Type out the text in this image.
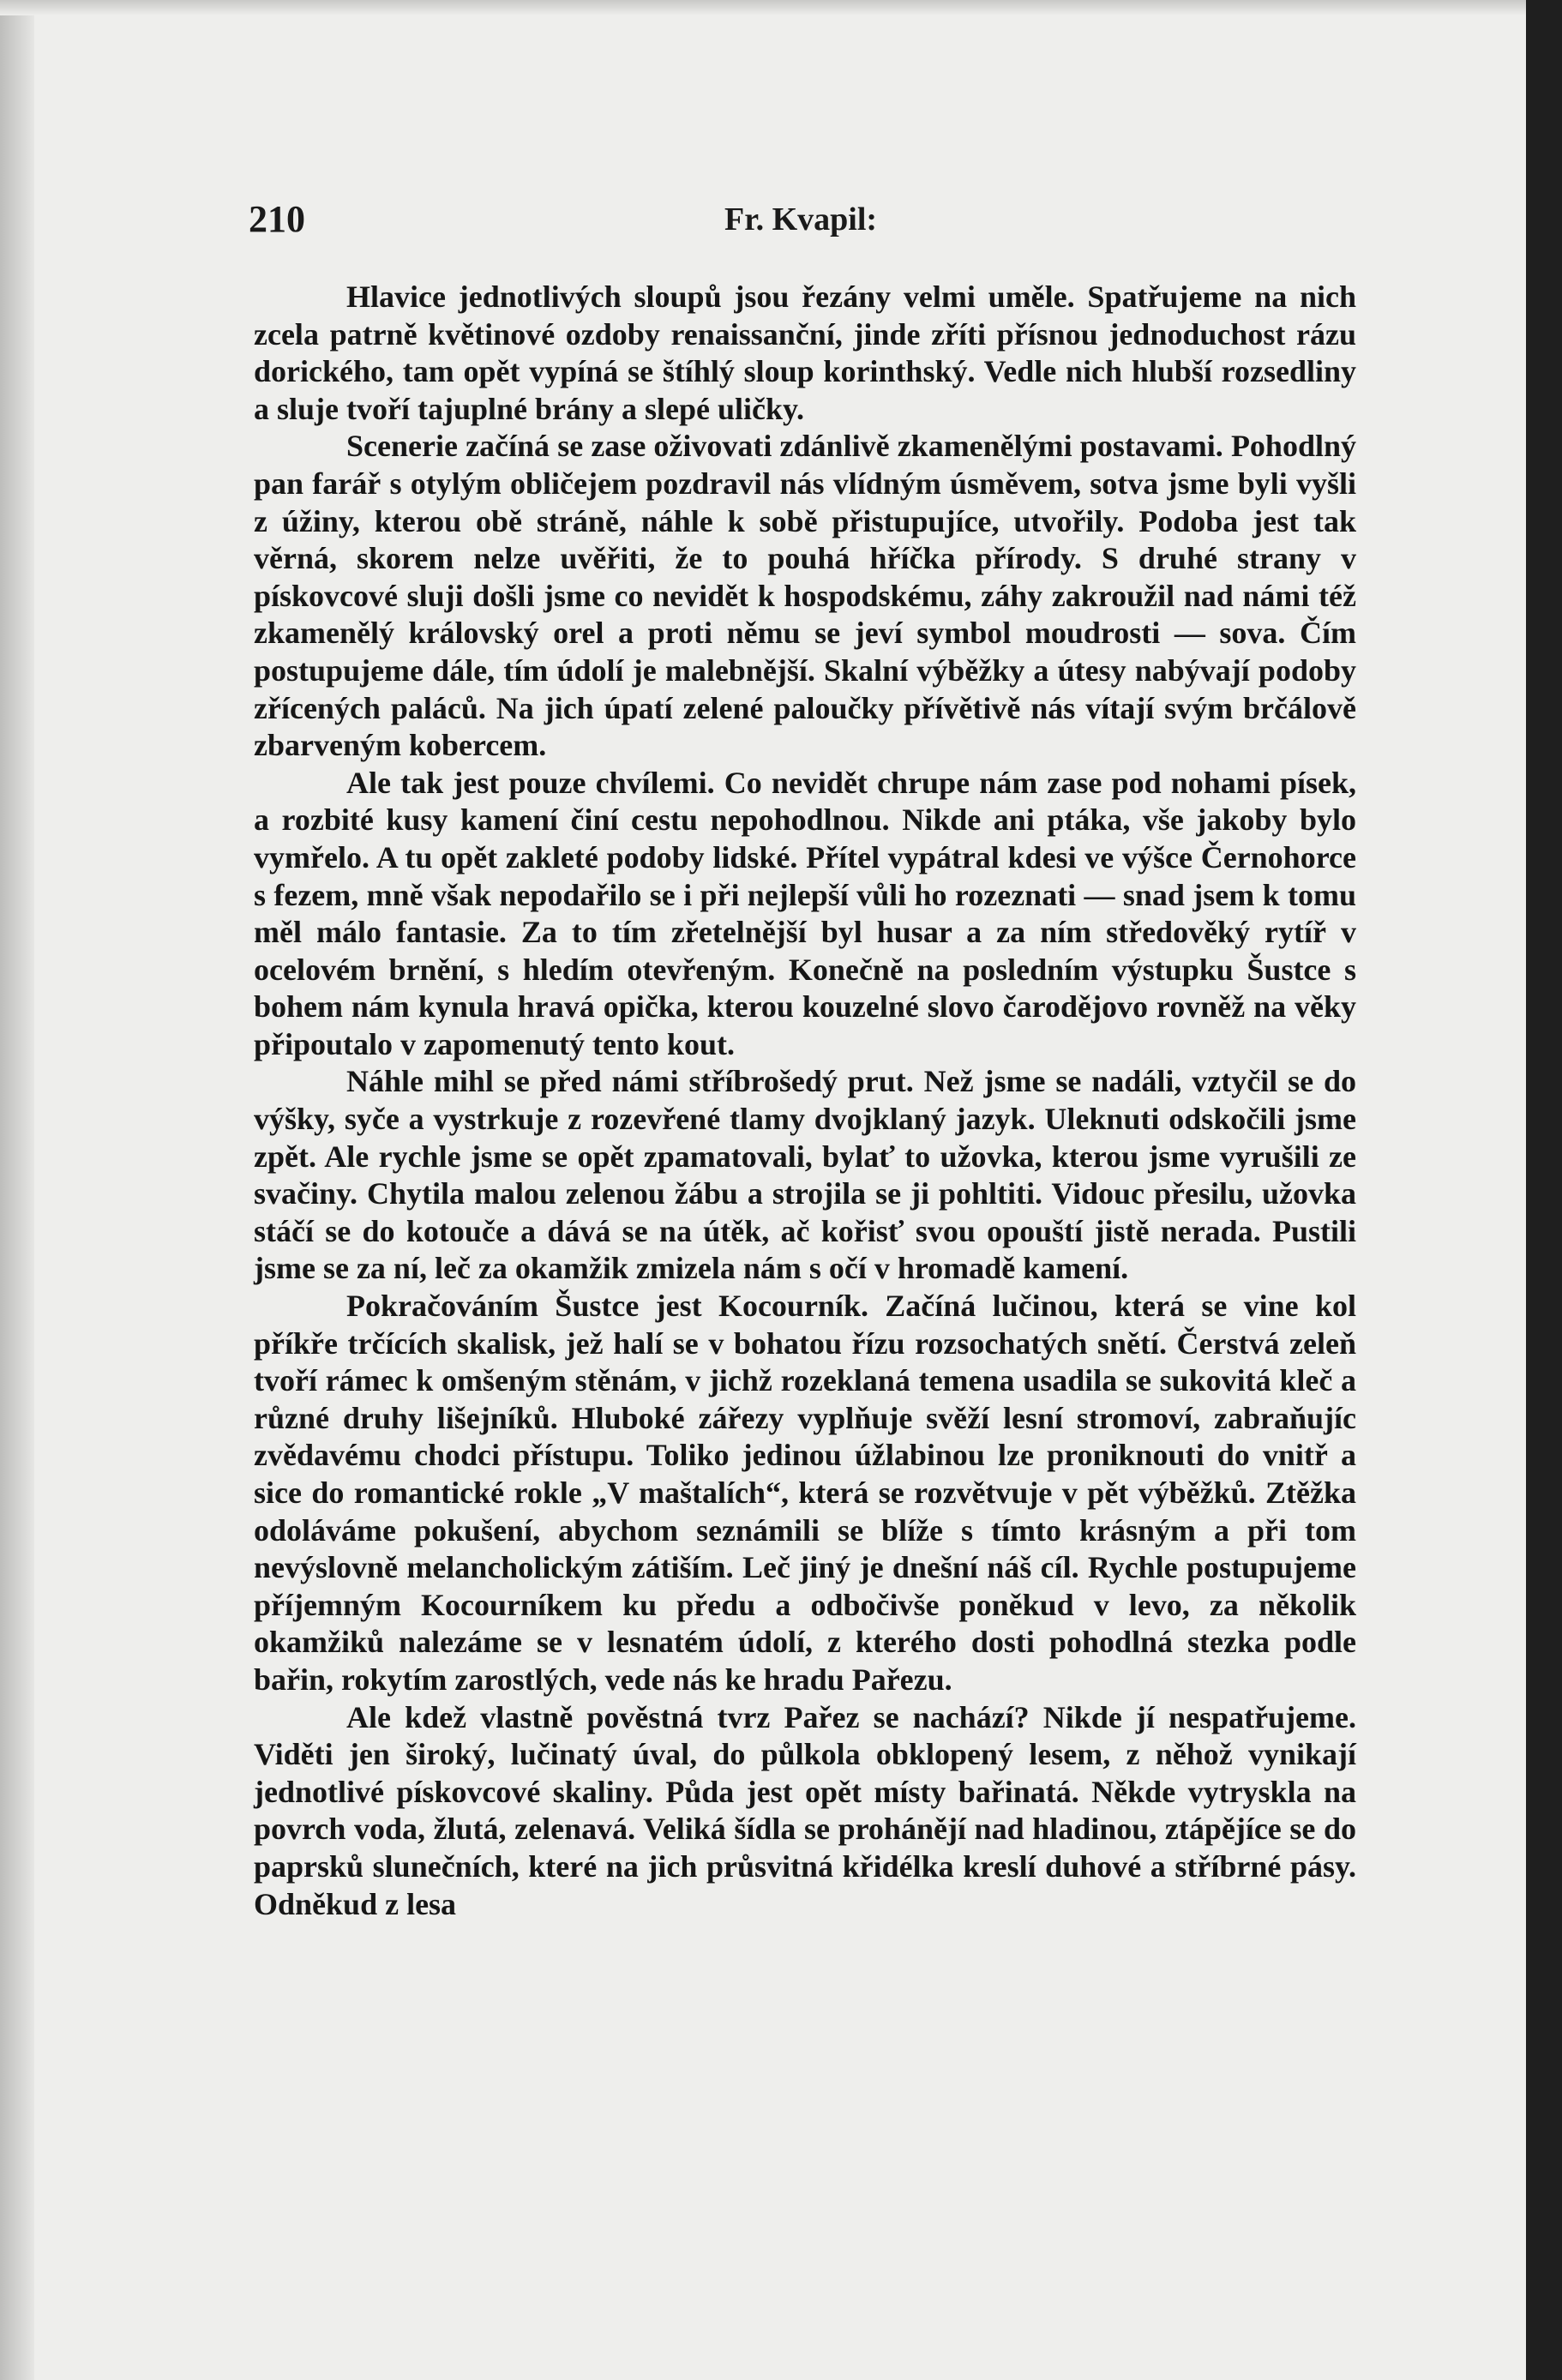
210	Fr. Kvapil:

Hlavice jednotlivých sloupů jsou řezány velmi uměle. Spatřujeme na nich zcela patrně květinové ozdoby renaissanční, jinde zříti přísnou jednoduchost rázu dorického, tam opět vypíná se štíhlý sloup korinthský. Vedle nich hlubší rozsedliny a sluje tvoří tajuplné brány a slepé uličky.

Scenerie začíná se zase oživovati zdánlivě zkamenělými postavami. Pohodlný pan farář s otylým obličejem pozdravil nás vlídným úsměvem, sotva jsme byli vyšli z úžiny, kterou obě stráně, náhle k sobě přistupujíce, utvořily. Podoba jest tak věrná, skorem nelze uvěřiti, že to pouhá hříčka přírody. S druhé strany v pískovcové sluji došli jsme co nevidět k hospodskému, záhy zakroužil nad námi též zkamenělý královský orel a proti němu se jeví symbol moudrosti — sova. Čím postupujeme dále, tím údolí je malebnější. Skalní výběžky a útesy nabývají podoby zřícených paláců. Na jich úpatí zelené paloučky přívětivě nás vítají svým brčálově zbarveným kobercem.

Ale tak jest pouze chvílemi. Co nevidět chrupe nám zase pod nohami písek, a rozbité kusy kamení činí cestu nepohodlnou. Nikde ani ptáka, vše jakoby bylo vymřelo. A tu opět zakleté podoby lidské. Přítel vypátral kdesi ve výšce Černohorce s fezem, mně však nepodařilo se i při nejlepší vůli ho rozeznati — snad jsem k tomu měl málo fantasie. Za to tím zřetelnější byl husar a za ním středověký rytíř v ocelovém brnění, s hledím otevřeným. Konečně na posledním výstupku Šustce s bohem nám kynula hravá opička, kterou kouzelné slovo čarodějovo rovněž na věky připoutalo v zapomenutý tento kout.

Náhle mihl se před námi stříbrošedý prut. Než jsme se nadáli, vztyčil se do výšky, syče a vystrkuje z rozevřené tlamy dvojklaný jazyk. Uleknuti odskočili jsme zpět. Ale rychle jsme se opět zpamatovali, bylať to užovka, kterou jsme vyrušili ze svačiny. Chytila malou zelenou žábu a strojila se ji pohltiti. Vidouc přesilu, užovka stáčí se do kotouče a dává se na útěk, ač kořisť svou opouští jistě nerada. Pustili jsme se za ní, leč za okamžik zmizela nám s očí v hromadě kamení.

Pokračováním Šustce jest Kocourník. Začíná lučinou, která se vine kol příkře trčících skalisk, jež halí se v bohatou řízu rozsochatých snětí. Čerstvá zeleň tvoří rámec k omšeným stěnám, v jichž rozeklaná temena usadila se sukovitá kleč a různé druhy lišejníků. Hluboké zářezy vyplňuje svěží lesní stromoví, zabraňujíc zvědavému chodci přístupu. Toliko jedinou úžlabinou lze proniknouti do vnitř a sice do romantické rokle „V maštalích“, která se rozvětvuje v pět výběžků. Ztěžka odoláváme pokušení, abychom seznámili se blíže s tímto krásným a při tom nevýslovně melancholickým zátiším. Leč jiný je dnešní náš cíl. Rychle postupujeme příjemným Kocourníkem ku předu a odbočivše poněkud v levo, za několik okamžiků nalezáme se v lesnatém údolí, z kterého dosti pohodlná stezka podle bařin, rokytím zarostlých, vede nás ke hradu Pařezu.

Ale kdež vlastně pověstná tvrz Pařez se nachází? Nikde jí nespatřujeme. Viděti jen široký, lučinatý úval, do půlkola obklopený lesem, z něhož vynikají jednotlivé pískovcové skaliny. Půda jest opět místy bařinatá. Někde vytryskla na povrch voda, žlutá, zelenavá. Veliká šídla se prohánějí nad hladinou, ztápějíce se do paprsků slunečních, které na jich průsvitná křidélka kreslí duhové a stříbrné pásy. Odněkud z lesa
